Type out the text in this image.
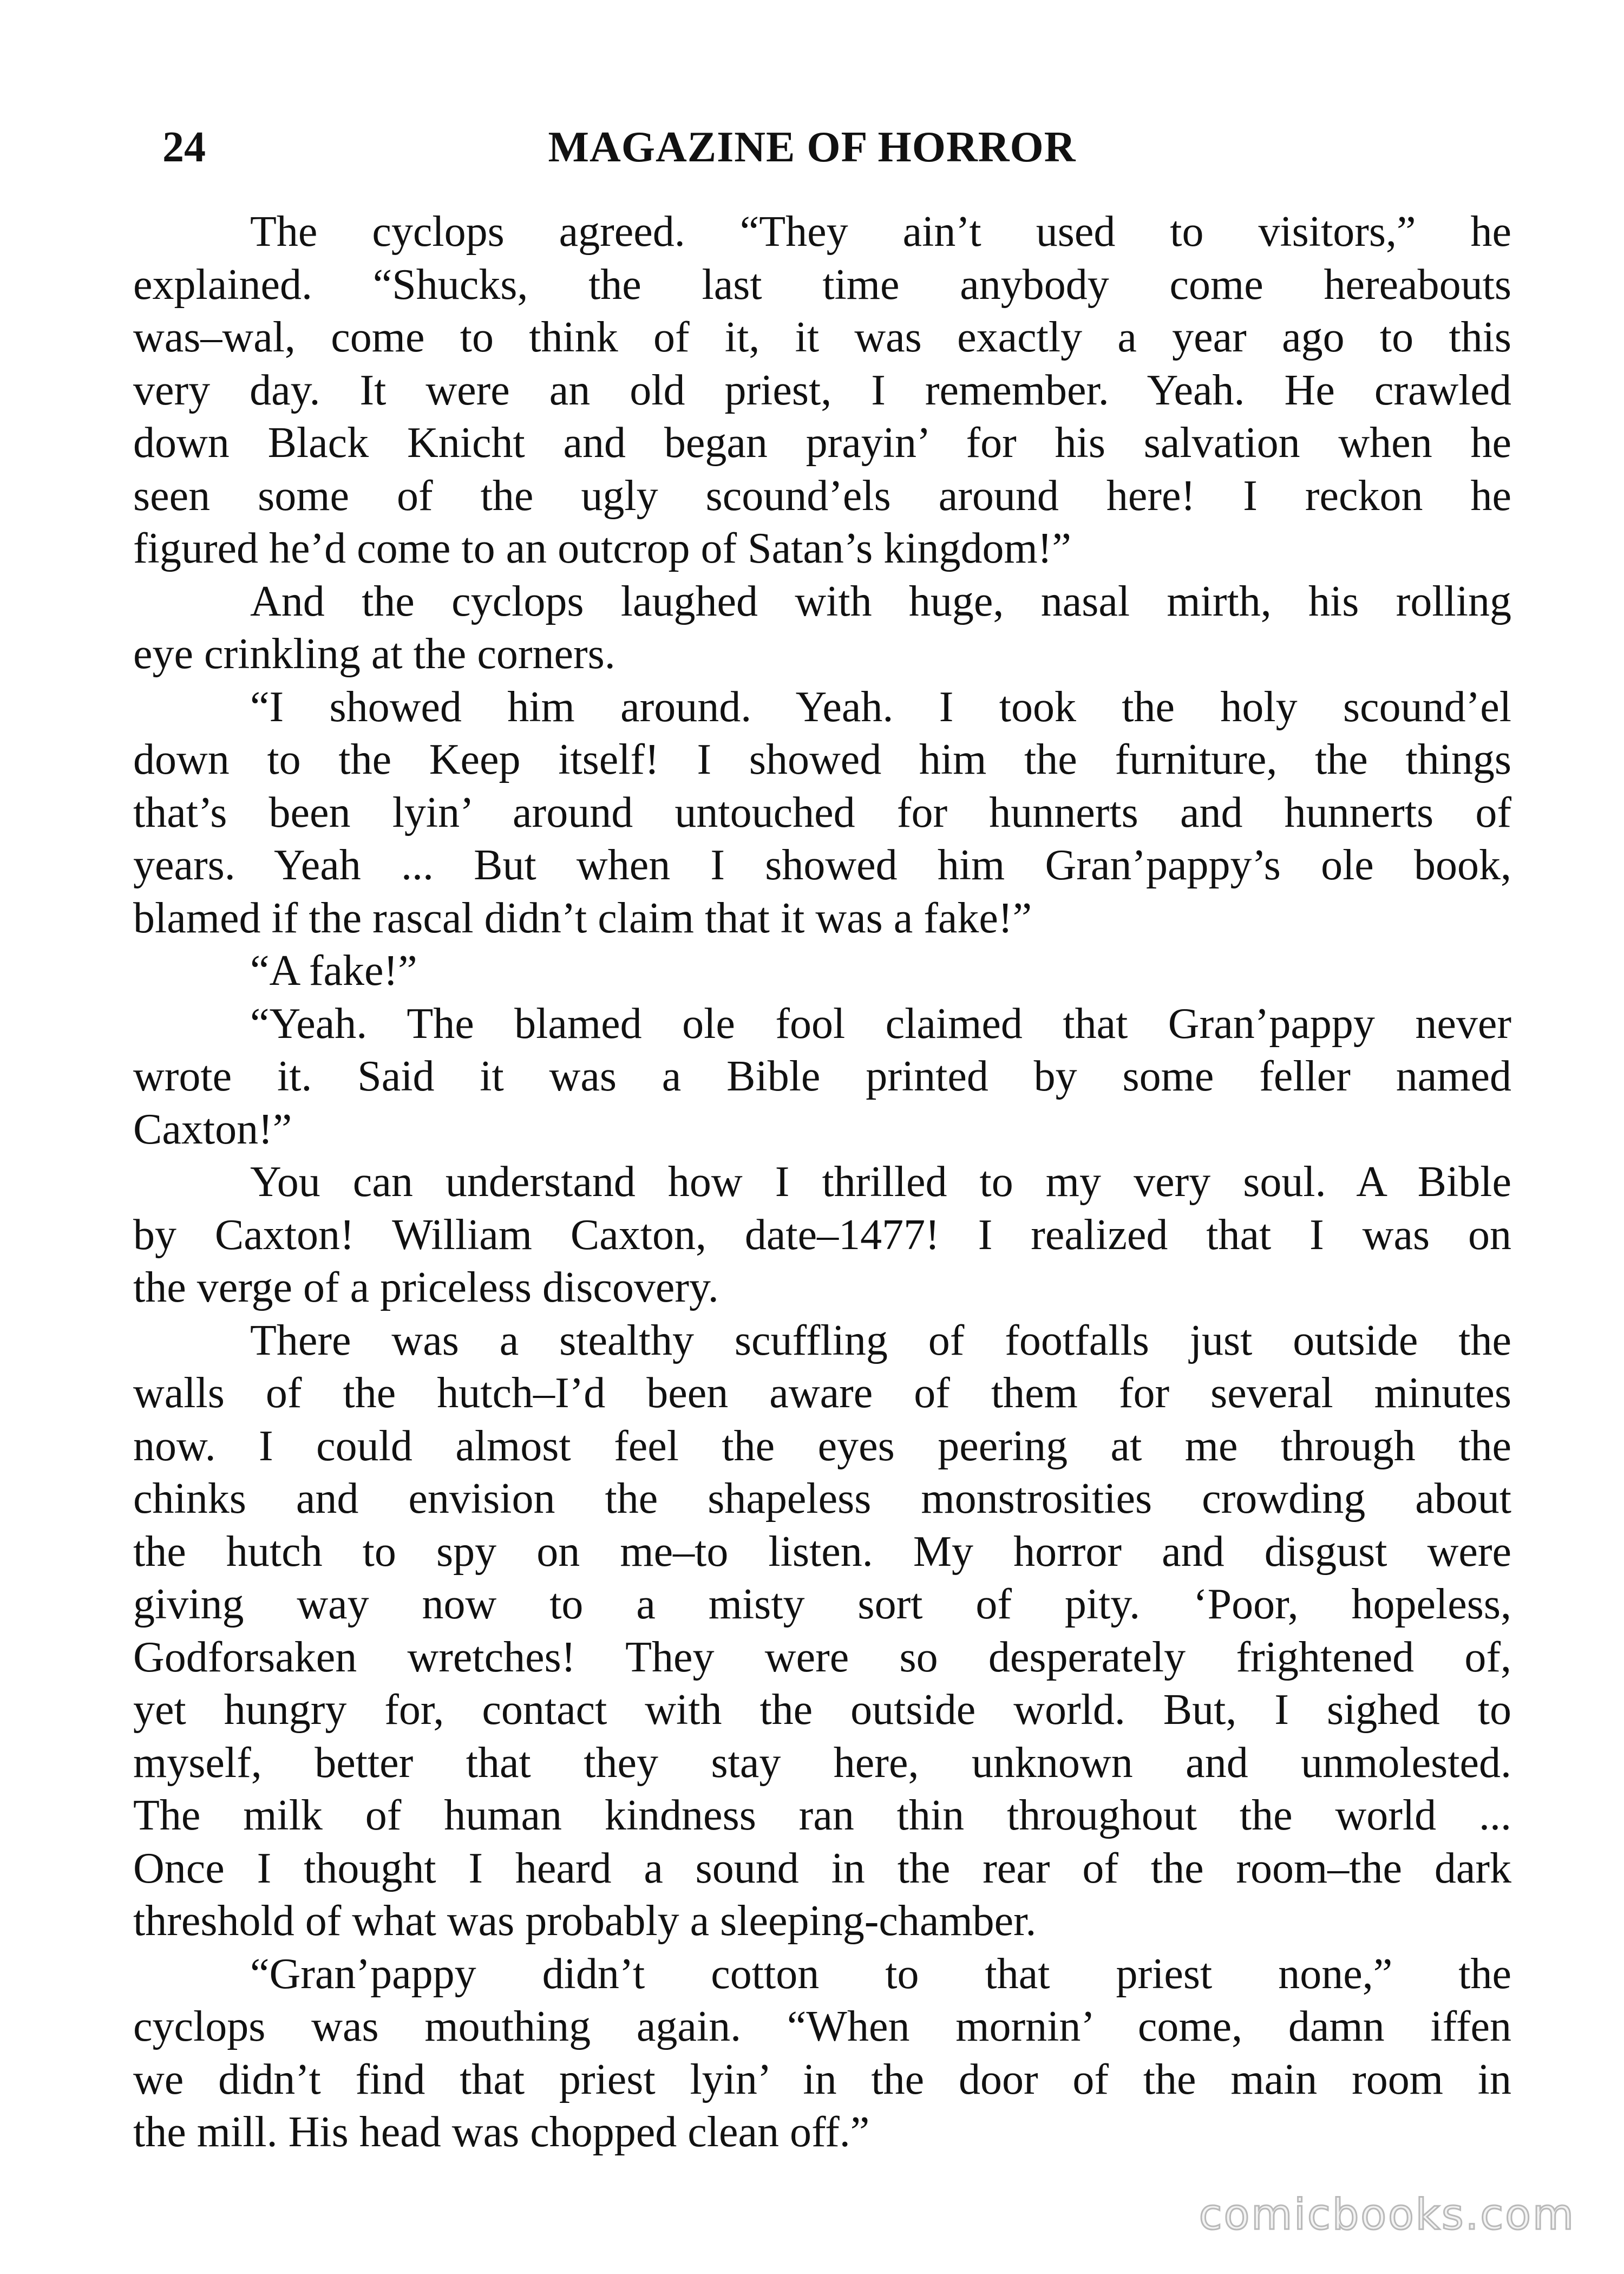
24	MAGAZINE OF HORROR
The cyclops agreed. “They ain’t used to visitors,” he
explained. “Shucks, the last time anybody come hereabouts
was–wal, come to think of it, it was exactly a year ago to this
very day. It were an old priest, I remember. Yeah. He crawled
down Black Knicht and began prayin’ for his salvation when he
seen some of the ugly scound’els around here! I reckon he
figured he’d come to an outcrop of Satan’s kingdom!”
And the cyclops laughed with huge, nasal mirth, his rolling
eye crinkling at the corners.
“I showed him around. Yeah. I took the holy scound’el
down to the Keep itself! I showed him the furniture, the things
that’s been lyin’ around untouched for hunnerts and hunnerts of
years. Yeah ... But when I showed him Gran’pappy’s ole book,
blamed if the rascal didn’t claim that it was a fake!”
“A fake!”
“Yeah. The blamed ole fool claimed that Gran’pappy never
wrote it. Said it was a Bible printed by some feller named
Caxton!”
You can understand how I thrilled to my very soul. A Bible
by Caxton! William Caxton, date–1477! I realized that I was on
the verge of a priceless discovery.
There was a stealthy scuffling of footfalls just outside the
walls of the hutch–I’d been aware of them for several minutes
now. I could almost feel the eyes peering at me through the
chinks and envision the shapeless monstrosities crowding about
the hutch to spy on me–to listen. My horror and disgust were
giving way now to a misty sort of pity. ‘Poor, hopeless,
Godforsaken wretches! They were so desperately frightened of,
yet hungry for, contact with the outside world. But, I sighed to
myself, better that they stay here, unknown and unmolested.
The milk of human kindness ran thin throughout the world ...
Once I thought I heard a sound in the rear of the room–the dark
threshold of what was probably a sleeping-chamber.
“Gran’pappy didn’t cotton to that priest none,” the
cyclops was mouthing again. “When mornin’ come, damn iffen
we didn’t find that priest lyin’ in the door of the main room in
the mill. His head was chopped clean off.”
comicbooks.com
